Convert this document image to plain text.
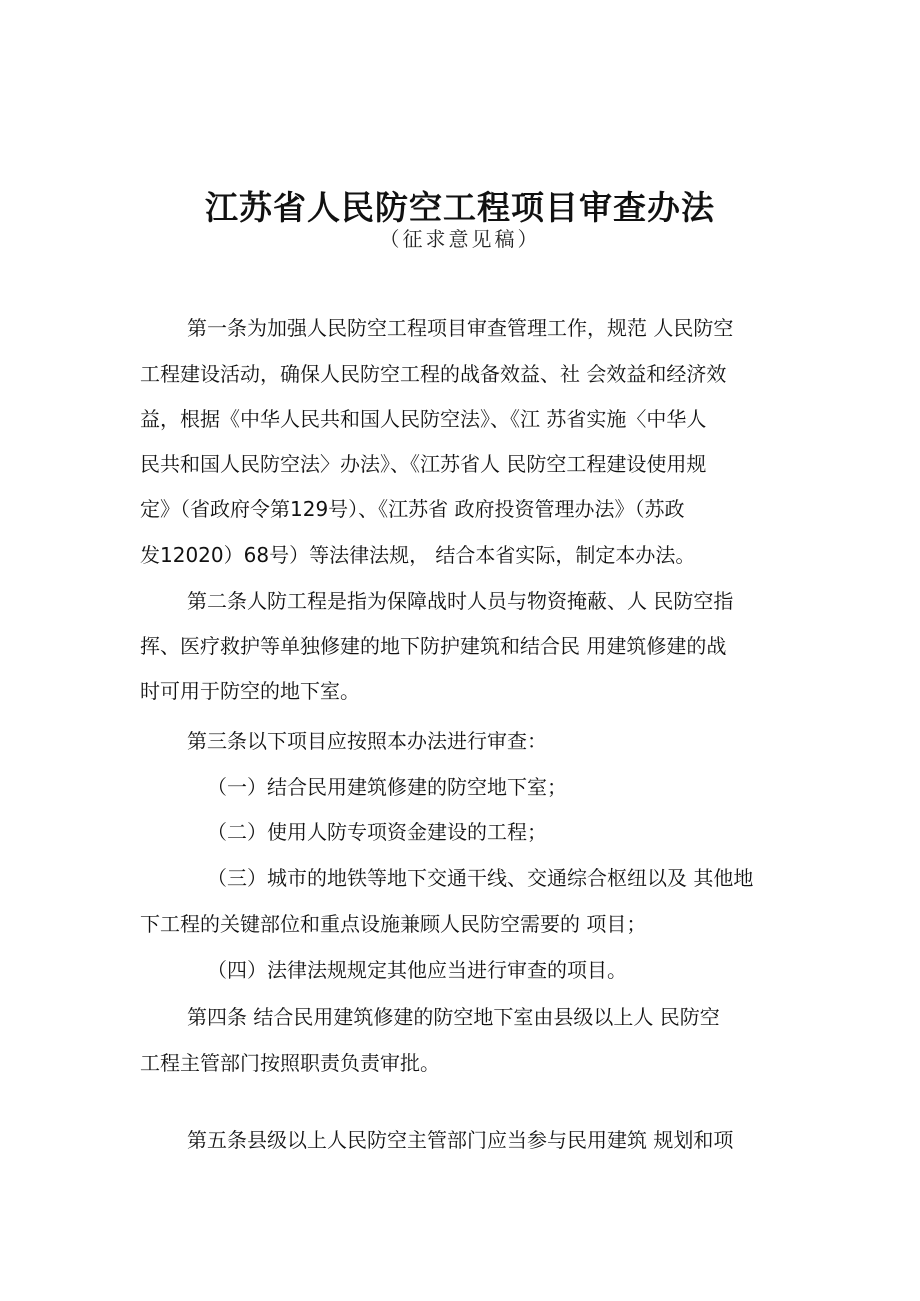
江苏省人民防空工程项目审查办法
（征求意见稿）
第一条为加强人民防空工程项目审查管理工作，规范 人民防空
工程建设活动，确保人民防空工程的战备效益、社 会效益和经济效
益，根据《中华人民共和国人民防空法》、《江 苏省实施〈中华人
民共和国人民防空法〉办法》、《江苏省人 民防空工程建设使用规
定》（省政府令第129号）、《江苏省 政府投资管理办法》（苏政
发12020）68号）等法律法规， 结合本省实际，制定本办法。
第二条人防工程是指为保障战时人员与物资掩蔽、人 民防空指
挥、医疗救护等单独修建的地下防护建筑和结合民 用建筑修建的战
时可用于防空的地下室。
第三条以下项目应按照本办法进行审查：
（一）结合民用建筑修建的防空地下室；
（二）使用人防专项资金建设的工程；
（三）城市的地铁等地下交通干线、交通综合枢纽以及 其他地
下工程的关键部位和重点设施兼顾人民防空需要的 项目；
（四）法律法规规定其他应当进行审查的项目。
第四条 结合民用建筑修建的防空地下室由县级以上人 民防空
工程主管部门按照职责负责审批。
第五条县级以上人民防空主管部门应当参与民用建筑 规划和项
